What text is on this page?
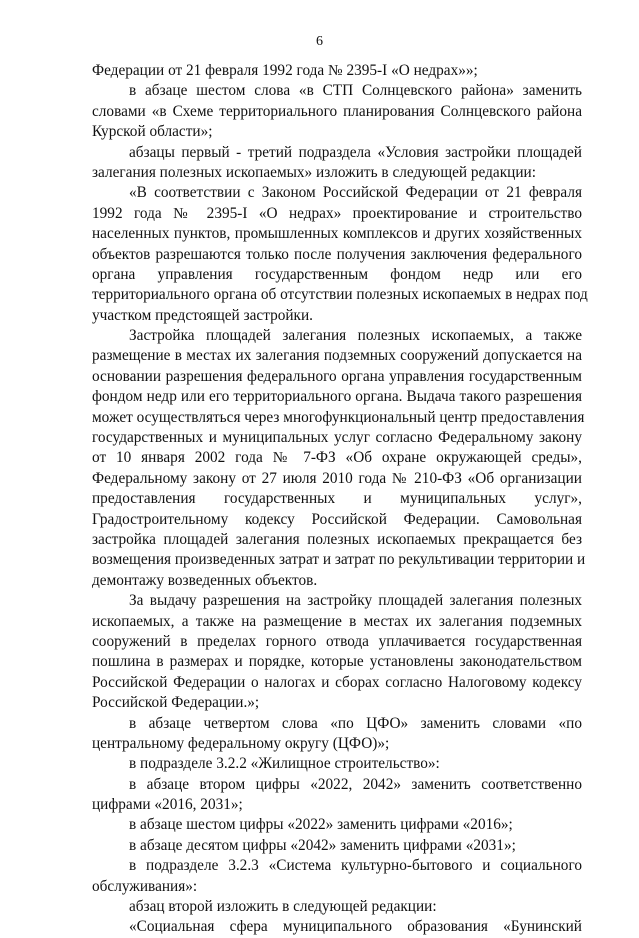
6
Федерации от 21 февраля 1992 года № 2395-I «О недрах»»;
в абзаце шестом слова «в СТП Солнцевского района» заменить
словами «в Схеме территориального планирования Солнцевского района
Курской области»;
абзацы первый - третий подраздела «Условия застройки площадей
залегания полезных ископаемых» изложить в следующей редакции:
«В соответствии с Законом Российской Федерации от 21 февраля
1992 года № 2395-I «О недрах» проектирование и строительство
населенных пунктов, промышленных комплексов и других хозяйственных
объектов разрешаются только после получения заключения федерального
органа управления государственным фондом недр или его
территориального органа об отсутствии полезных ископаемых в недрах под
участком предстоящей застройки.
Застройка площадей залегания полезных ископаемых, а также
размещение в местах их залегания подземных сооружений допускается на
основании разрешения федерального органа управления государственным
фондом недр или его территориального органа. Выдача такого разрешения
может осуществляться через многофункциональный центр предоставления
государственных и муниципальных услуг согласно Федеральному закону
от 10 января 2002 года № 7-ФЗ «Об охране окружающей среды»,
Федеральному закону от 27 июля 2010 года № 210-ФЗ «Об организации
предоставления государственных и муниципальных услуг»,
Градостроительному кодексу Российской Федерации. Самовольная
застройка площадей залегания полезных ископаемых прекращается без
возмещения произведенных затрат и затрат по рекультивации территории и
демонтажу возведенных объектов.
За выдачу разрешения на застройку площадей залегания полезных
ископаемых, а также на размещение в местах их залегания подземных
сооружений в пределах горного отвода уплачивается государственная
пошлина в размерах и порядке, которые установлены законодательством
Российской Федерации о налогах и сборах согласно Налоговому кодексу
Российской Федерации.»;
в абзаце четвертом слова «по ЦФО» заменить словами «по
центральному федеральному округу (ЦФО)»;
в подразделе 3.2.2 «Жилищное строительство»:
в абзаце втором цифры «2022, 2042» заменить соответственно
цифрами «2016, 2031»;
в абзаце шестом цифры «2022» заменить цифрами «2016»;
в абзаце десятом цифры «2042» заменить цифрами «2031»;
в подразделе 3.2.3 «Система культурно-бытового и социального
обслуживания»:
абзац второй изложить в следующей редакции:
«Социальная сфера муниципального образования «Бунинский
